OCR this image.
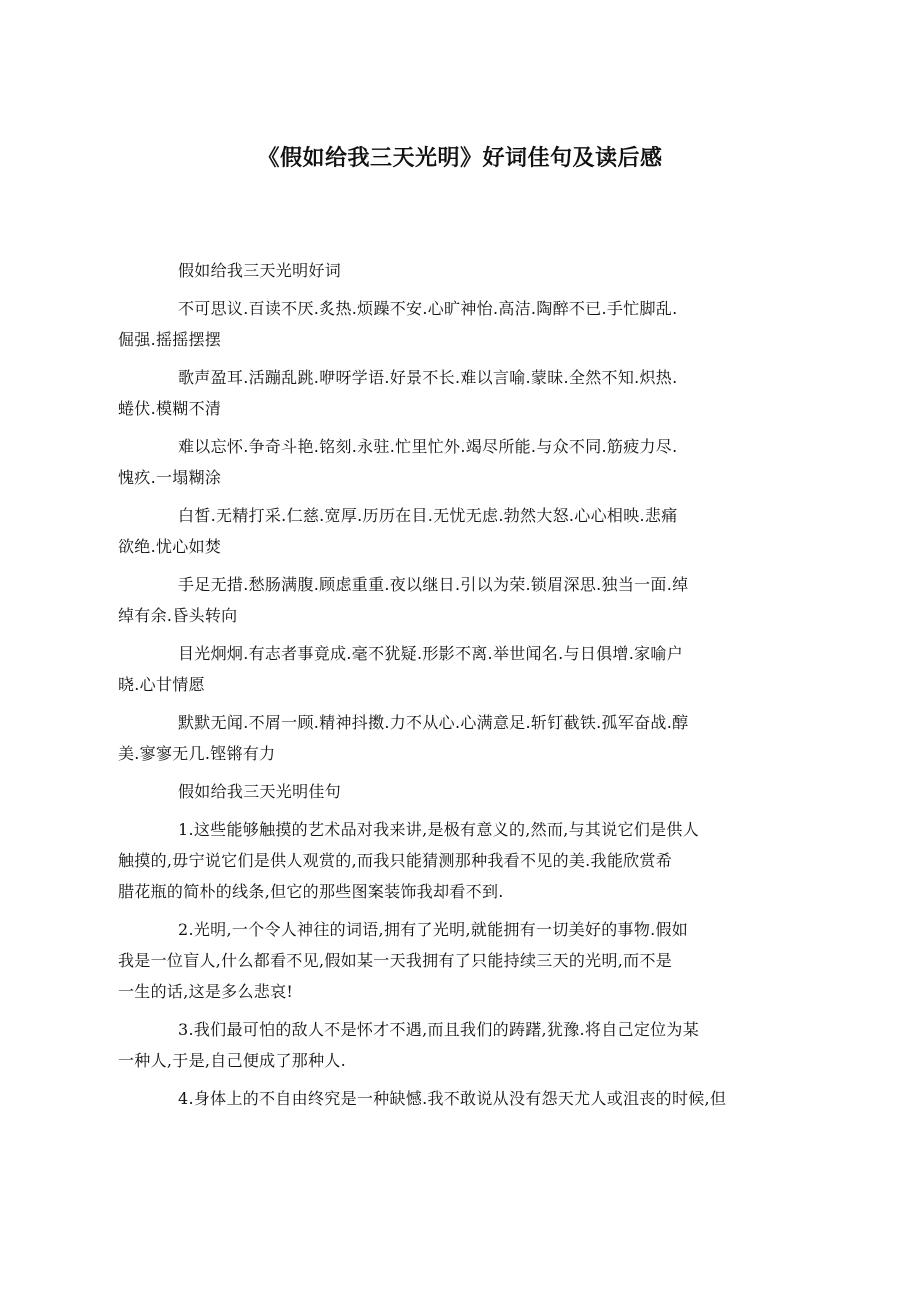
《假如给我三天光明》好词佳句及读后感
假如给我三天光明好词
不可思议.百读不厌.炙热.烦躁不安.心旷神怡.高洁.陶醉不已.手忙脚乱.
倔强.摇摇摆摆
歌声盈耳.活蹦乱跳.咿呀学语.好景不长.难以言喻.蒙昧.全然不知.炽热.
蜷伏.模糊不清
难以忘怀.争奇斗艳.铭刻.永驻.忙里忙外.竭尽所能.与众不同.筋疲力尽.
愧疚.一塌糊涂
白皙.无精打采.仁慈.宽厚.历历在目.无忧无虑.勃然大怒.心心相映.悲痛
欲绝.忧心如焚
手足无措.愁肠满腹.顾虑重重.夜以继日.引以为荣.锁眉深思.独当一面.绰
绰有余.昏头转向
目光炯炯.有志者事竟成.毫不犹疑.形影不离.举世闻名.与日俱增.家喻户
晓.心甘情愿
默默无闻.不屑一顾.精神抖擞.力不从心.心满意足.斩钉截铁.孤军奋战.醇
美.寥寥无几.铿锵有力
假如给我三天光明佳句
1.这些能够触摸的艺术品对我来讲,是极有意义的,然而,与其说它们是供人
触摸的,毋宁说它们是供人观赏的,而我只能猜测那种我看不见的美.我能欣赏希
腊花瓶的简朴的线条,但它的那些图案装饰我却看不到.
2.光明,一个令人神往的词语,拥有了光明,就能拥有一切美好的事物.假如
我是一位盲人,什么都看不见,假如某一天我拥有了只能持续三天的光明,而不是
一生的话,这是多么悲哀!
3.我们最可怕的敌人不是怀才不遇,而且我们的踌躇,犹豫.将自己定位为某
一种人,于是,自己便成了那种人.
4.身体上的不自由终究是一种缺憾.我不敢说从没有怨天尤人或沮丧的时候,但
